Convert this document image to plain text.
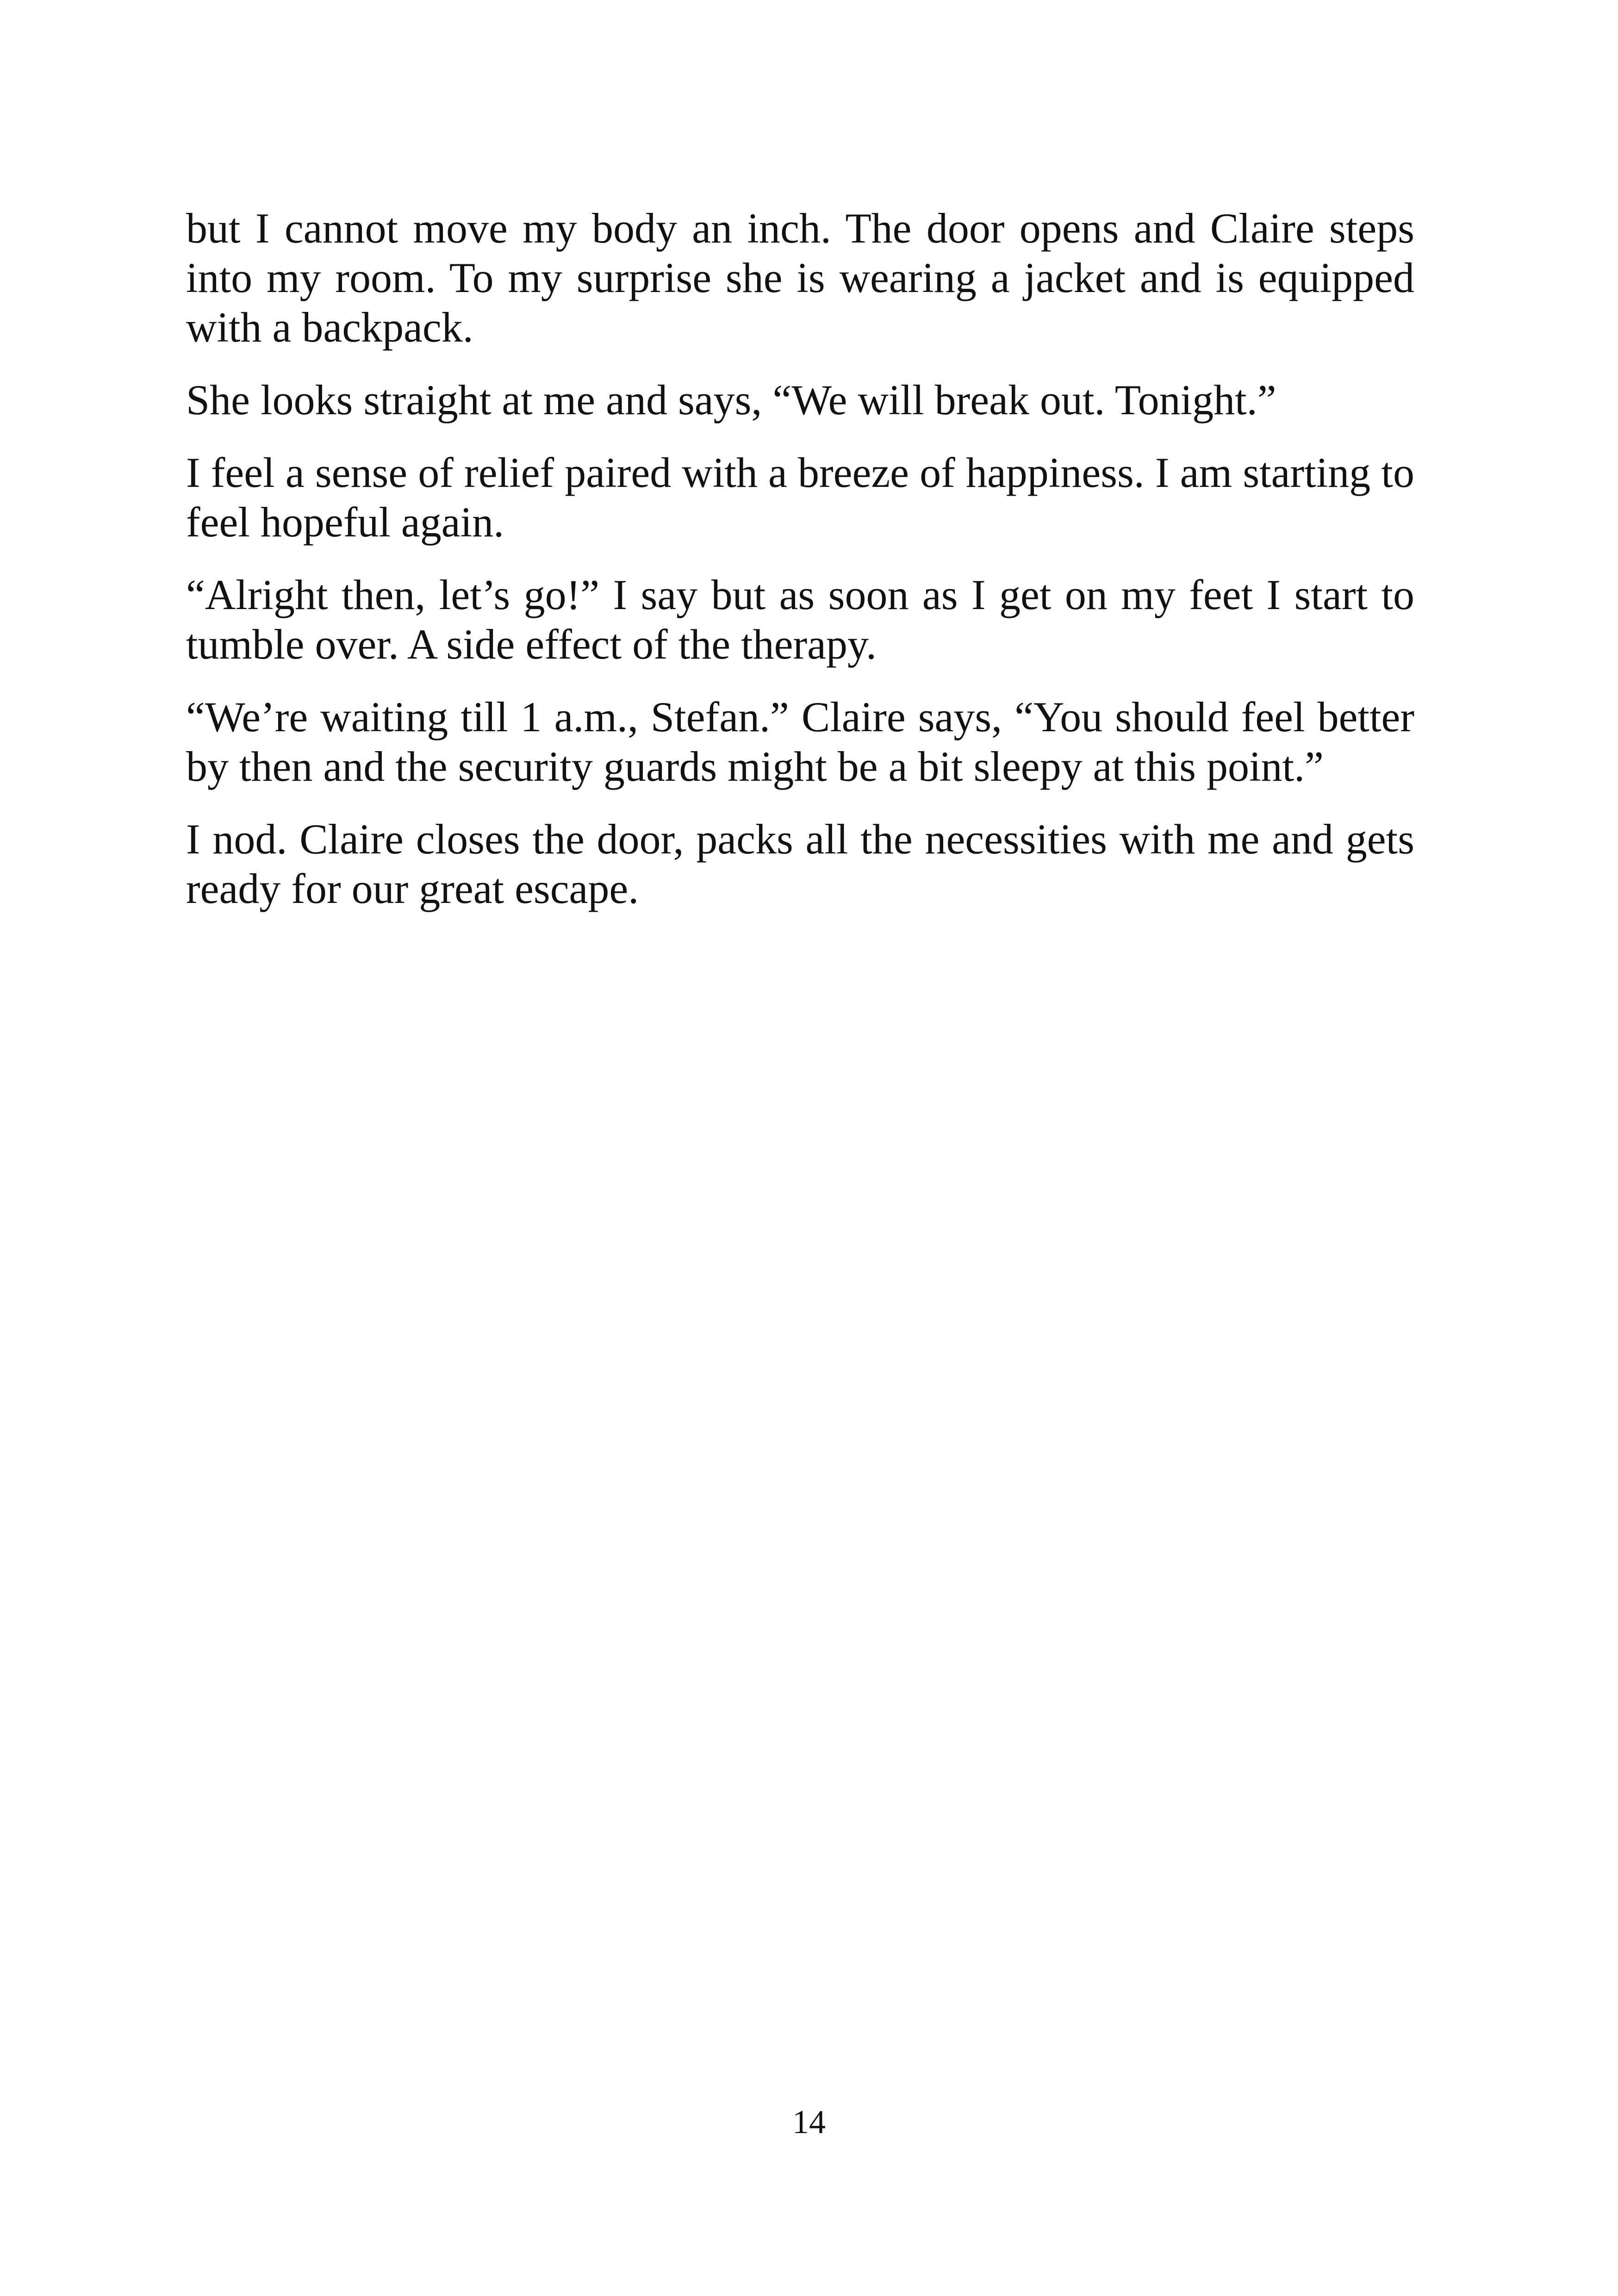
but I cannot move my body an inch. The door opens and Claire steps into my room. To my surprise she is wearing a jacket and is equipped with a backpack.

She looks straight at me and says, “We will break out. Tonight.”

I feel a sense of relief paired with a breeze of happiness. I am starting to feel hopeful again.

“Alright then, let’s go!” I say but as soon as I get on my feet I start to tumble over. A side effect of the therapy.

“We’re waiting till 1 a.m., Stefan.” Claire says, “You should feel better by then and the security guards might be a bit sleepy at this point.”

I nod. Claire closes the door, packs all the necessities with me and gets ready for our great escape.

14
